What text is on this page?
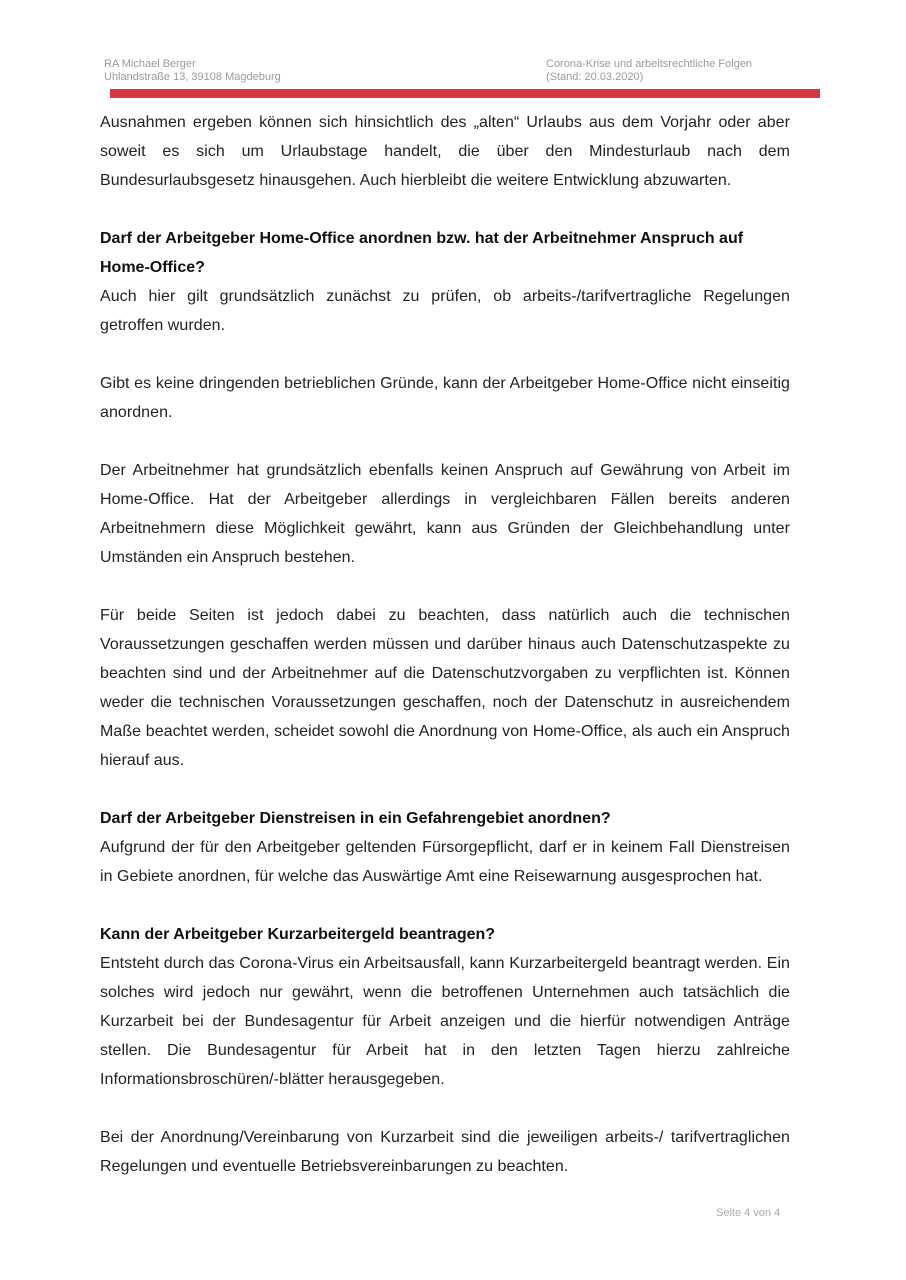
RA Michael Berger
Uhlandstraße 13, 39108 Magdeburg
Corona-Krise und arbeitsrechtliche Folgen
(Stand: 20.03.2020)

Ausnahmen ergeben können sich hinsichtlich des „alten“ Urlaubs aus dem Vorjahr oder aber soweit es sich um Urlaubstage handelt, die über den Mindesturlaub nach dem Bundesurlaubsgesetz hinausgehen. Auch hierbleibt die weitere Entwicklung abzuwarten.

Darf der Arbeitgeber Home-Office anordnen bzw. hat der Arbeitnehmer Anspruch auf Home-Office?

Auch hier gilt grundsätzlich zunächst zu prüfen, ob arbeits-/tarifvertragliche Regelungen getroffen wurden.

Gibt es keine dringenden betrieblichen Gründe, kann der Arbeitgeber Home-Office nicht einseitig anordnen.

Der Arbeitnehmer hat grundsätzlich ebenfalls keinen Anspruch auf Gewährung von Arbeit im Home-Office. Hat der Arbeitgeber allerdings in vergleichbaren Fällen bereits anderen Arbeitnehmern diese Möglichkeit gewährt, kann aus Gründen der Gleichbehandlung unter Umständen ein Anspruch bestehen.

Für beide Seiten ist jedoch dabei zu beachten, dass natürlich auch die technischen Voraussetzungen geschaffen werden müssen und darüber hinaus auch Datenschutzaspekte zu beachten sind und der Arbeitnehmer auf die Datenschutzvorgaben zu verpflichten ist. Können weder die technischen Voraussetzungen geschaffen, noch der Datenschutz in ausreichendem Maße beachtet werden, scheidet sowohl die Anordnung von Home-Office, als auch ein Anspruch hierauf aus.

Darf der Arbeitgeber Dienstreisen in ein Gefahrengebiet anordnen?

Aufgrund der für den Arbeitgeber geltenden Fürsorgepflicht, darf er in keinem Fall Dienstreisen in Gebiete anordnen, für welche das Auswärtige Amt eine Reisewarnung ausgesprochen hat.

Kann der Arbeitgeber Kurzarbeitergeld beantragen?

Entsteht durch das Corona-Virus ein Arbeitsausfall, kann Kurzarbeitergeld beantragt werden. Ein solches wird jedoch nur gewährt, wenn die betroffenen Unternehmen auch tatsächlich die Kurzarbeit bei der Bundesagentur für Arbeit anzeigen und die hierfür notwendigen Anträge stellen. Die Bundesagentur für Arbeit hat in den letzten Tagen hierzu zahlreiche Informationsbroschüren/-blätter herausgegeben.

Bei der Anordnung/Vereinbarung von Kurzarbeit sind die jeweiligen arbeits-/ tarifvertraglichen Regelungen und eventuelle Betriebsvereinbarungen zu beachten.

Seite 4 von 4
